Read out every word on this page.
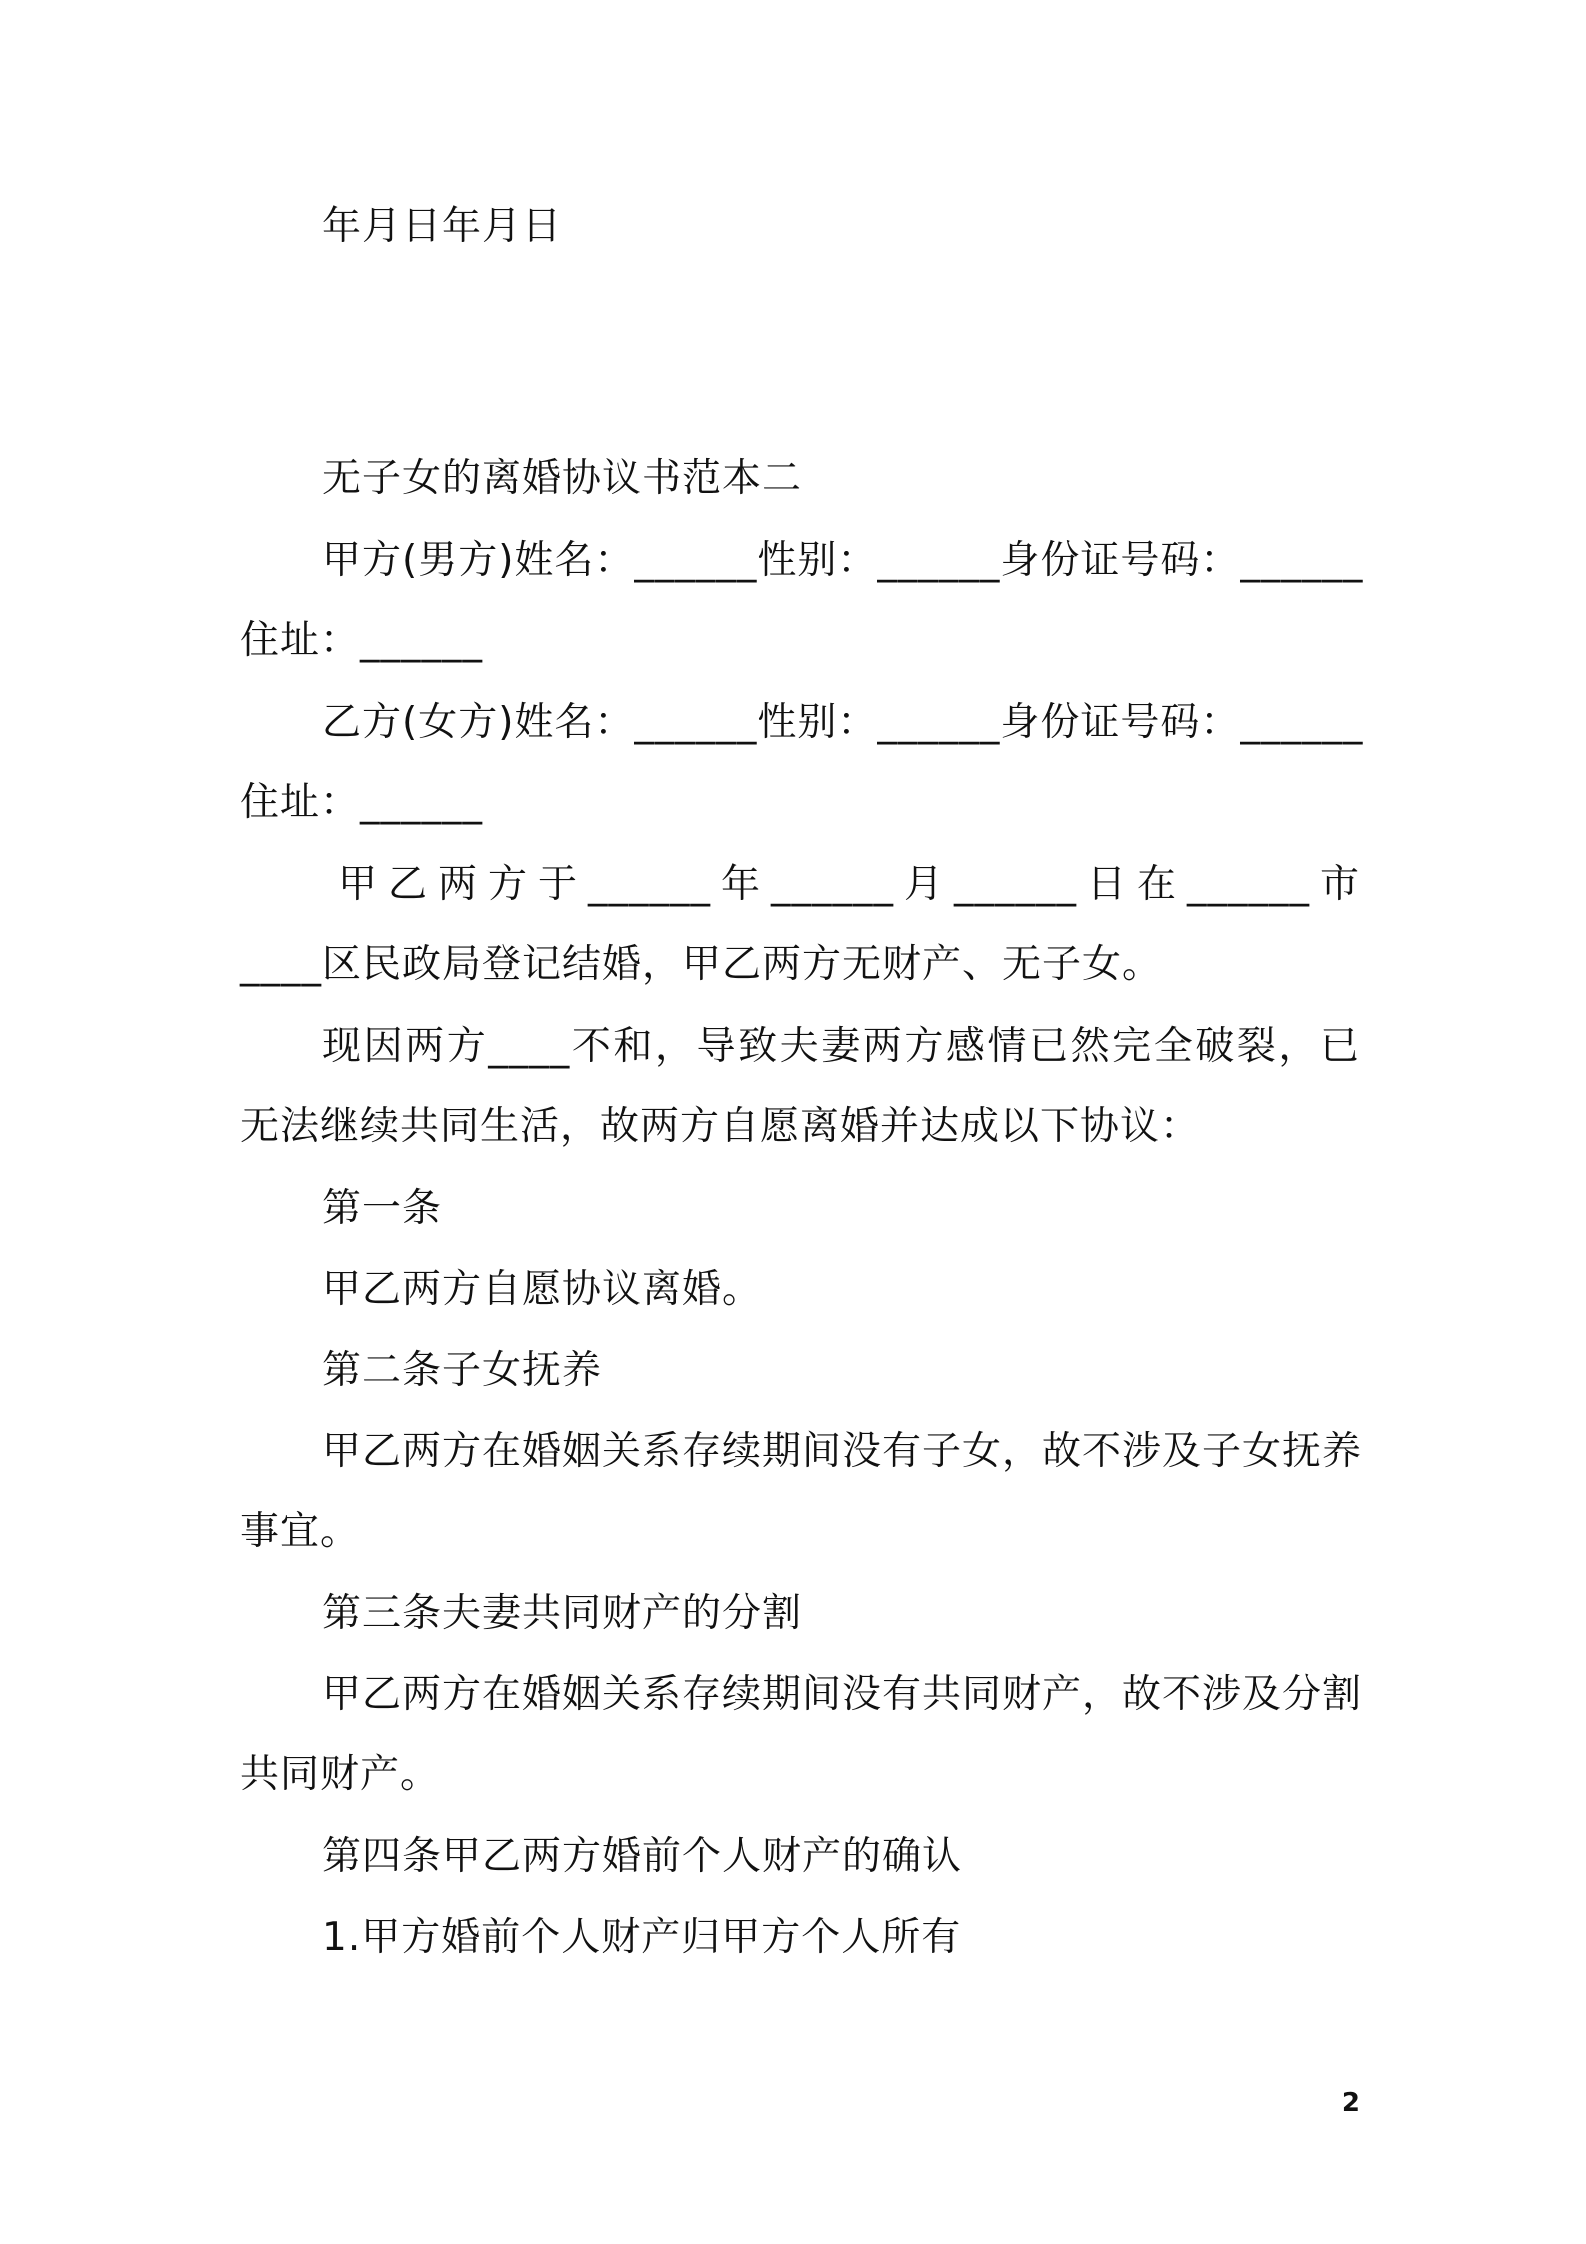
年月日年月日
无子女的离婚协议书范本二
甲方(男方)姓名：______性别：______身份证号码：______
住址：______
乙方(女方)姓名：______性别：______身份证号码：______
住址：______
甲乙两方于______年______月______日在______市
____区民政局登记结婚，甲乙两方无财产、无子女。
现因两方____不和，导致夫妻两方感情已然完全破裂，已
无法继续共同生活，故两方自愿离婚并达成以下协议：
第一条
甲乙两方自愿协议离婚。
第二条子女抚养
甲乙两方在婚姻关系存续期间没有子女，故不涉及子女抚养
事宜。
第三条夫妻共同财产的分割
甲乙两方在婚姻关系存续期间没有共同财产，故不涉及分割
共同财产。
第四条甲乙两方婚前个人财产的确认
1.甲方婚前个人财产归甲方个人所有
2
